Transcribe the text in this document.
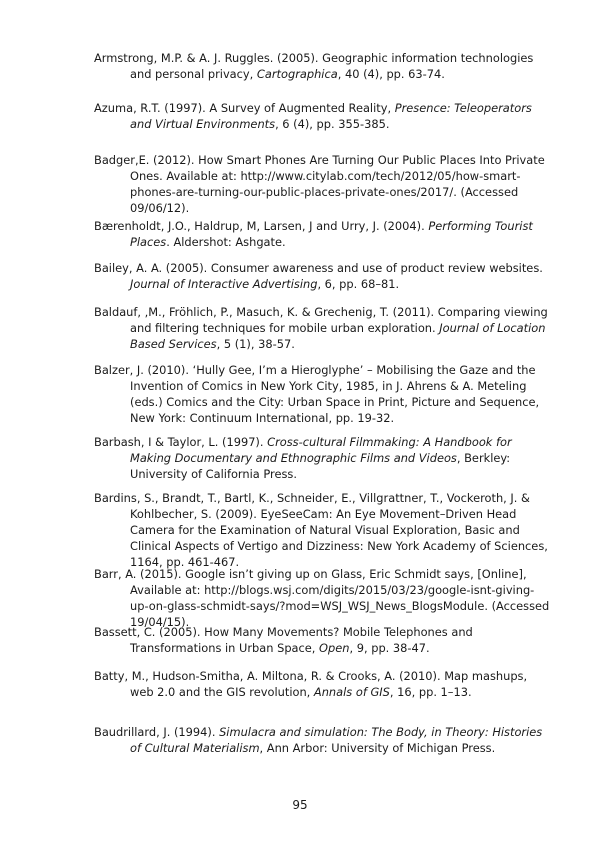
Armstrong, M.P. & A. J. Ruggles. (2005). Geographic information technologies and personal privacy, Cartographica, 40 (4), pp. 63-74.

Azuma, R.T. (1997). A Survey of Augmented Reality, Presence: Teleoperators and Virtual Environments, 6 (4), pp. 355-385.

Badger,E. (2012). How Smart Phones Are Turning Our Public Places Into Private Ones. Available at: http://www.citylab.com/tech/2012/05/how-smart-phones-are-turning-our-public-places-private-ones/2017/. (Accessed 09/06/12).

Bærenholdt, J.O., Haldrup, M, Larsen, J and Urry, J. (2004). Performing Tourist Places. Aldershot: Ashgate.

Bailey, A. A. (2005). Consumer awareness and use of product review websites. Journal of Interactive Advertising, 6, pp. 68–81.

Baldauf, ,M., Fröhlich, P., Masuch, K. & Grechenig, T. (2011). Comparing viewing and filtering techniques for mobile urban exploration. Journal of Location Based Services, 5 (1), 38-57.

Balzer, J. (2010). ‘Hully Gee, I’m a Hieroglyphe’ – Mobilising the Gaze and the Invention of Comics in New York City, 1985, in J. Ahrens & A. Meteling (eds.) Comics and the City: Urban Space in Print, Picture and Sequence, New York: Continuum International, pp. 19-32.

Barbash, I & Taylor, L. (1997). Cross-cultural Filmmaking: A Handbook for Making Documentary and Ethnographic Films and Videos, Berkley: University of California Press.

Bardins, S., Brandt, T., Bartl, K., Schneider, E., Villgrattner, T., Vockeroth, J. & Kohlbecher, S. (2009). EyeSeeCam: An Eye Movement–Driven Head Camera for the Examination of Natural Visual Exploration, Basic and Clinical Aspects of Vertigo and Dizziness: New York Academy of Sciences, 1164, pp. 461-467.

Barr, A. (2015). Google isn’t giving up on Glass, Eric Schmidt says, [Online], Available at: http://blogs.wsj.com/digits/2015/03/23/google-isnt-giving-up-on-glass-schmidt-says/?mod=WSJ_WSJ_News_BlogsModule. (Accessed 19/04/15).

Bassett, C. (2005). How Many Movements? Mobile Telephones and Transformations in Urban Space, Open, 9, pp. 38-47.

Batty, M., Hudson-Smitha, A. Miltona, R. & Crooks, A. (2010). Map mashups, web 2.0 and the GIS revolution, Annals of GIS, 16, pp. 1–13.

Baudrillard, J. (1994). Simulacra and simulation: The Body, in Theory: Histories of Cultural Materialism, Ann Arbor: University of Michigan Press.

95
